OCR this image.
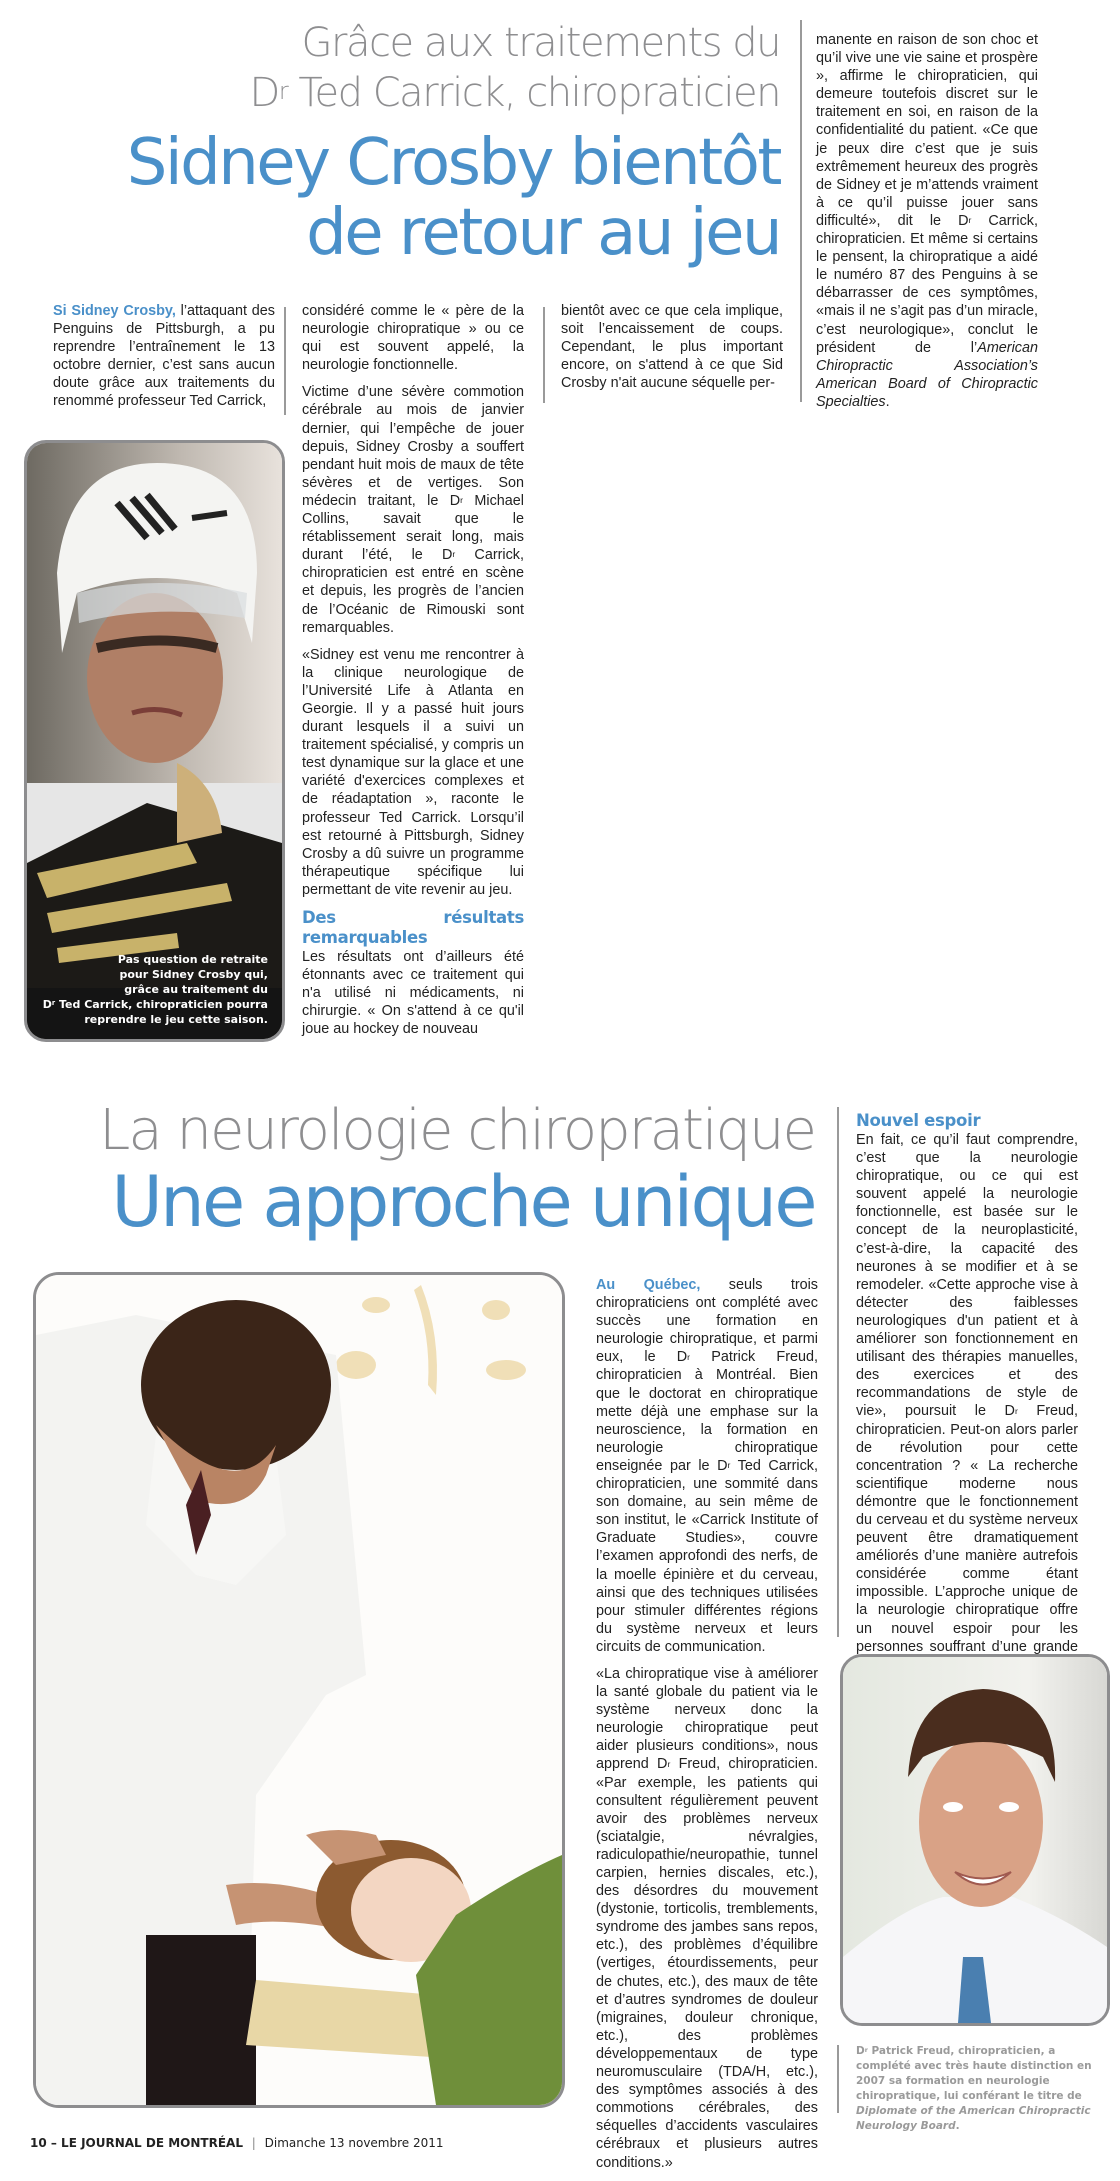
Grâce aux traitements du
$D^r$ Ted Carrick, chiropraticien
Sidney Crosby bientôt
de retour au jeu

Si Sidney Crosby, l’attaquant des Penguins de Pittsburgh, a pu reprendre l’entraînement le 13 octobre dernier, c’est sans aucun doute grâce aux traitements du renommé professeur Ted Carrick,

Pas question de retraite
pour Sidney Crosby qui,
grâce au traitement du
$D^r$ Ted Carrick, chiropraticien pourra
reprendre le jeu cette saison.

considéré comme le « père de la neurologie chiropratique » ou ce qui est souvent appelé, la neurologie fonctionnelle.

Victime d’une sévère commotion cérébrale au mois de janvier dernier, qui l’empêche de jouer depuis, Sidney Crosby a souffert pendant huit mois de maux de tête sévères et de vertiges. Son médecin traitant, le $D^r$ Michael Collins, savait que le rétablissement serait long, mais durant l’été, le $D^r$ Carrick, chiropraticien est entré en scène et depuis, les progrès de l’ancien de l’Océanic de Rimouski sont remarquables.

«Sidney est venu me rencontrer à la clinique neurologique de l’Université Life à Atlanta en Georgie. Il y a passé huit jours durant lesquels il a suivi un traitement spécialisé, y compris un test dynamique sur la glace et une variété d'exercices complexes et de réadaptation », raconte le professeur Ted Carrick. Lorsqu’il est retourné à Pittsburgh, Sidney Crosby a dû suivre un programme thérapeutique spécifique lui permettant de vite revenir au jeu.

Des résultats remarquables

Les résultats ont d’ailleurs été étonnants avec ce traitement qui n'a utilisé ni médicaments, ni chirurgie. « On s'attend à ce qu'il joue au hockey de nouveau

bientôt avec ce que cela implique, soit l’encaissement de coups. Cependant, le plus important encore, on s'attend à ce que Sid Crosby n'ait aucune séquelle per-

manente en raison de son choc et qu’il vive une vie saine et prospère », affirme le chiropraticien, qui demeure toutefois discret sur le traitement en soi, en raison de la confidentialité du patient. «Ce que je peux dire c’est que je suis extrêmement heureux des progrès de Sidney et je m’attends vraiment à ce qu’il puisse jouer sans difficulté», dit le $D^r$ Carrick, chiropraticien. Et même si certains le pensent, la chiropratique a aidé le numéro 87 des Penguins à se débarrasser de ces symptômes, «mais il ne s’agit pas d’un miracle, c’est neurologique», conclut le président de l’American Chiropractic Association’s American Board of Chiropractic Specialties.

La neurologie chiropratique
Une approche unique
Nouvel espoir

En fait, ce qu’il faut comprendre, c’est que la neurologie chiropratique, ou ce qui est souvent appelé la neurologie fonctionnelle, est basée sur le concept de la neuroplasticité, c’est-à-dire, la capacité des neurones à se modifier et à se remodeler. «Cette approche vise à détecter des faiblesses neurologiques d'un patient et à améliorer son fonctionnement en utilisant des thérapies manuelles, des exercices et des recommandations de style de vie», poursuit le $D^r$ Freud, chiropraticien. Peut-on alors parler de révolution pour cette concentration ? « La recherche scientifique moderne nous démontre que le fonctionnement du cerveau et du système nerveux peuvent être dramatiquement améliorés d’une manière autrefois considérée comme étant impossible. L’approche unique de la neurologie chiropratique offre un nouvel espoir pour les personnes souffrant d’une grande

Au Québec, seuls trois chiropraticiens ont complété avec succès une formation en neurologie chiropratique, et parmi eux, le $D^r$ Patrick Freud, chiropraticien à Montréal. Bien que le doctorat en chiropratique mette déjà une emphase sur la neuroscience, la formation en neurologie chiropratique enseignée par le $D^r$ Ted Carrick, chiropraticien, une sommité dans son domaine, au sein même de son institut, le «Carrick Institute of Graduate Studies», couvre l’examen approfondi des nerfs, de la moelle épinière et du cerveau, ainsi que des techniques utilisées pour stimuler différentes régions du système nerveux et leurs circuits de communication.

«La chiropratique vise à améliorer la santé globale du patient via le système nerveux donc la neurologie chiropratique peut aider plusieurs conditions», nous apprend $D^r$ Freud, chiropraticien. «Par exemple, les patients qui consultent régulièrement peuvent avoir des problèmes nerveux (sciatalgie, névralgies, radiculopathie/neuropathie, tunnel carpien, hernies discales, etc.), des désordres du mouvement (dystonie, torticolis, tremblements, syndrome des jambes sans repos, etc.), des problèmes d’équilibre (vertiges, étourdissements, peur de chutes, etc.), des maux de tête et d’autres syndromes de douleur (migraines, douleur chronique, etc.), des problèmes développementaux de type neuromusculaire (TDA/H, etc.), des symptômes associés à des commotions cérébrales, des séquelles d’accidents vasculaires cérébraux et plusieurs autres conditions.»

$D^r$ Patrick Freud, chiropraticien, a complété avec très haute distinction en 2007 sa formation en neurologie chiropratique, lui conférant le titre de Diplomate of the American Chiropractic Neurology Board.
10 – LE JOURNAL DE MONTRÉAL | Dimanche 13 novembre 2011
